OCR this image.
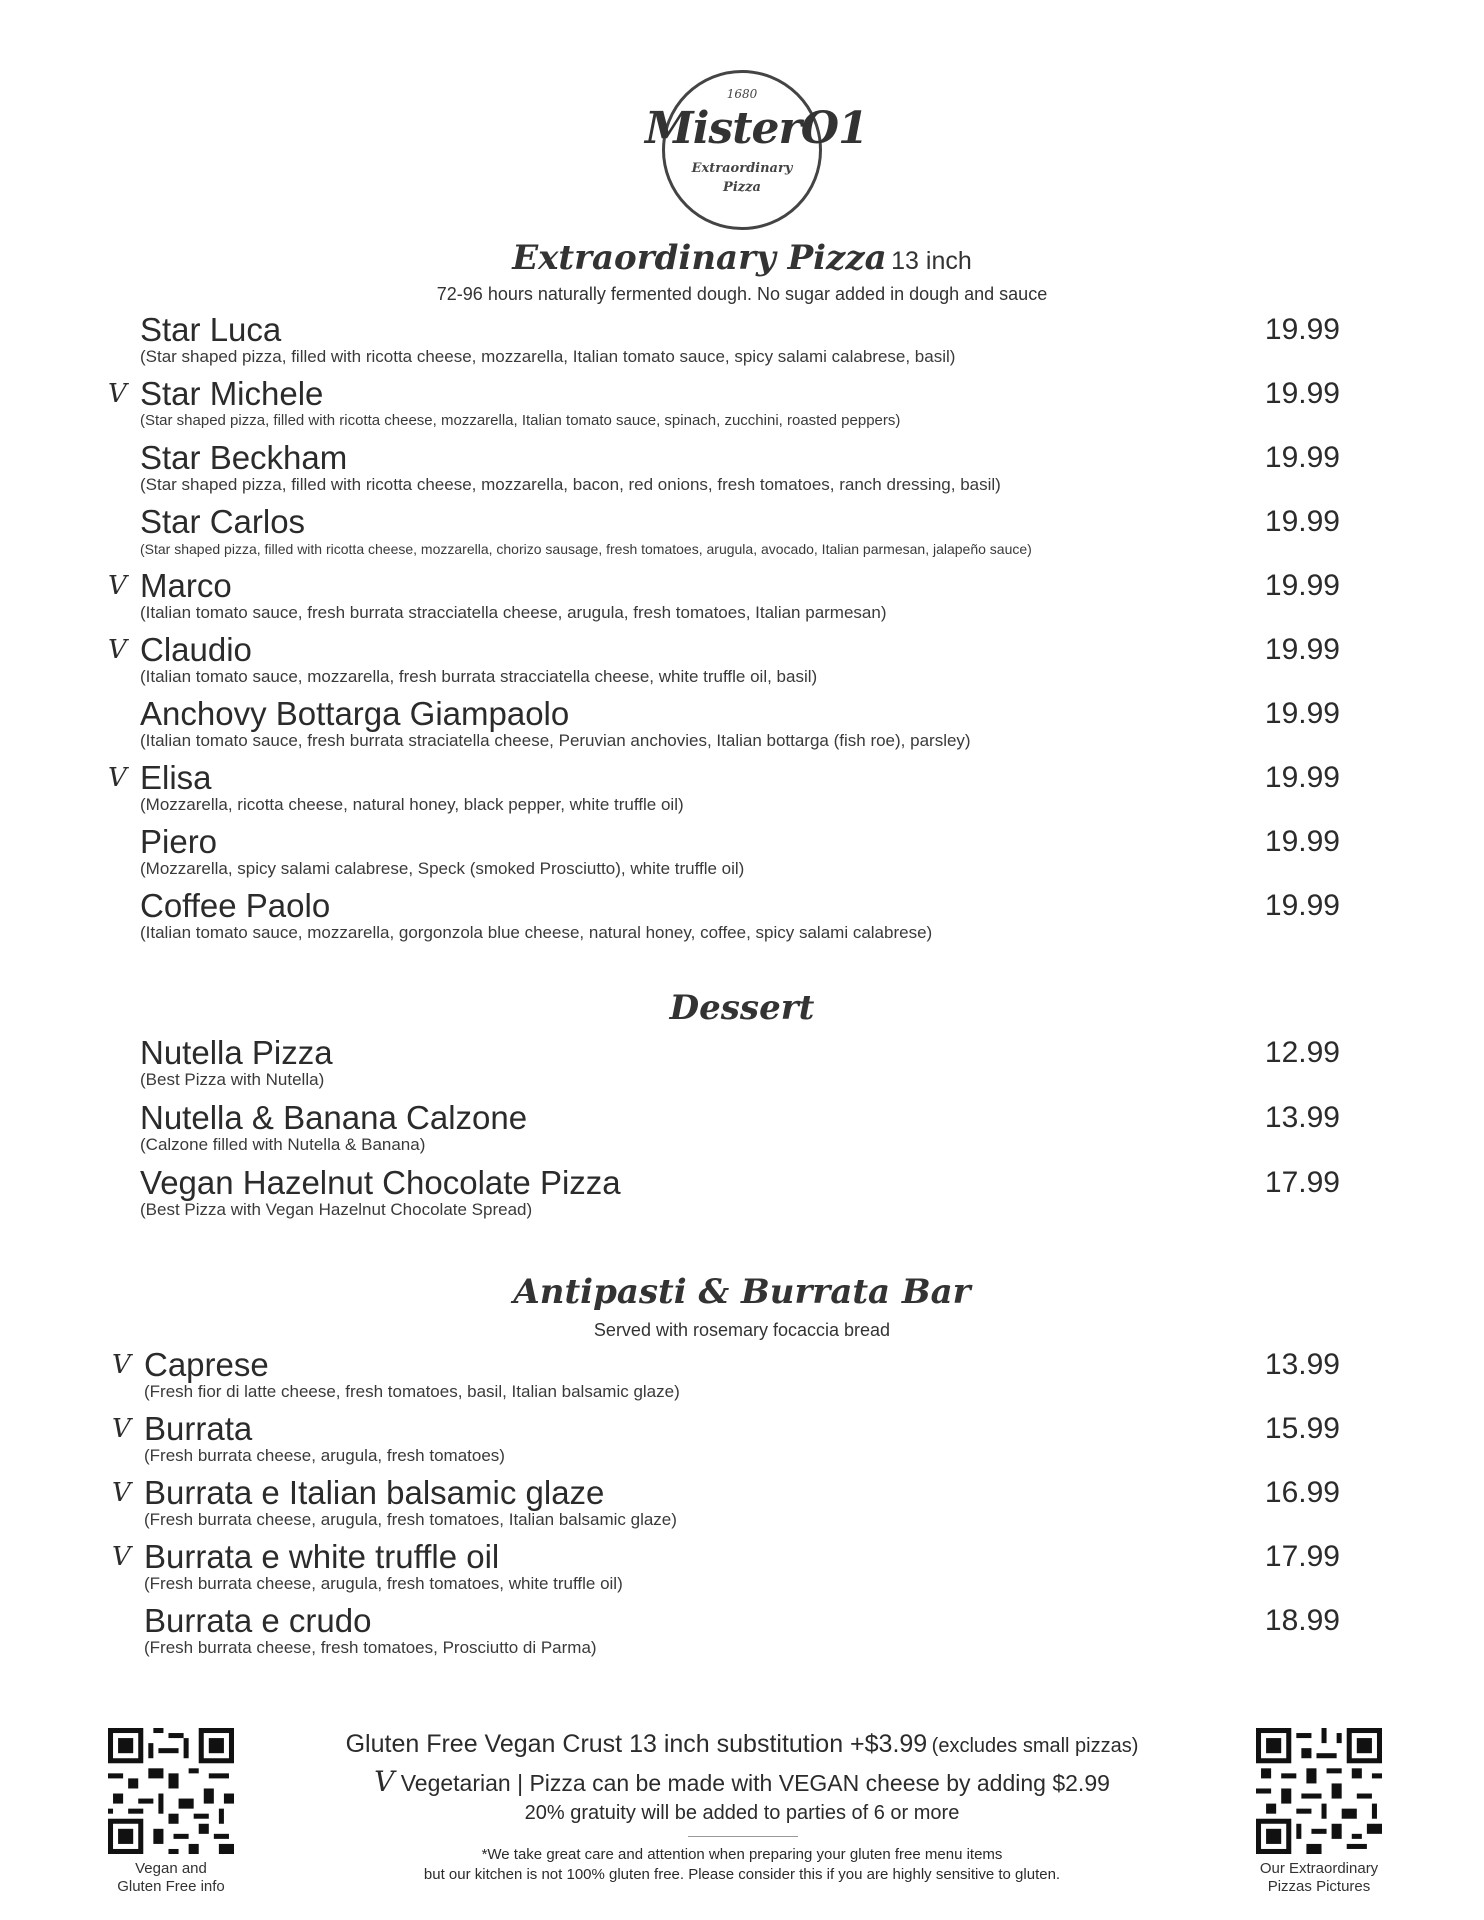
1680
MisterO1
Extraordinary
Pizza
Extraordinary Pizza 13 inch
72-96 hours naturally fermented dough. No sugar added in dough and sauce
Star Luca
(Star shaped pizza, filled with ricotta cheese, mozzarella, Italian tomato sauce, spicy salami calabrese, basil)
19.99
V Star Michele
(Star shaped pizza, filled with ricotta cheese, mozzarella, Italian tomato sauce, spinach, zucchini, roasted peppers)
19.99
Star Beckham
(Star shaped pizza, filled with ricotta cheese, mozzarella, bacon, red onions, fresh tomatoes, ranch dressing, basil)
19.99
Star Carlos
(Star shaped pizza, filled with ricotta cheese, mozzarella, chorizo sausage, fresh tomatoes, arugula, avocado, Italian parmesan, jalapeño sauce)
19.99
V Marco
(Italian tomato sauce, fresh burrata stracciatella cheese, arugula, fresh tomatoes, Italian parmesan)
19.99
V Claudio
(Italian tomato sauce, mozzarella, fresh burrata stracciatella cheese, white truffle oil, basil)
19.99
Anchovy Bottarga Giampaolo
(Italian tomato sauce, fresh burrata straciatella cheese, Peruvian anchovies, Italian bottarga (fish roe), parsley)
19.99
V Elisa
(Mozzarella, ricotta cheese, natural honey, black pepper, white truffle oil)
19.99
Piero
(Mozzarella, spicy salami calabrese, Speck (smoked Prosciutto), white truffle oil)
19.99
Coffee Paolo
(Italian tomato sauce, mozzarella, gorgonzola blue cheese, natural honey, coffee, spicy salami calabrese)
19.99
Dessert
Nutella Pizza
(Best Pizza with Nutella)
12.99
Nutella & Banana Calzone
(Calzone filled with Nutella & Banana)
13.99
Vegan Hazelnut Chocolate Pizza
(Best Pizza with Vegan Hazelnut Chocolate Spread)
17.99
Antipasti & Burrata Bar
Served with rosemary focaccia bread
V Caprese
(Fresh fior di latte cheese, fresh tomatoes, basil, Italian balsamic glaze)
13.99
V Burrata
(Fresh burrata cheese, arugula, fresh tomatoes)
15.99
V Burrata e Italian balsamic glaze
(Fresh burrata cheese, arugula, fresh tomatoes, Italian balsamic glaze)
16.99
V Burrata e white truffle oil
(Fresh burrata cheese, arugula, fresh tomatoes, white truffle oil)
17.99
Burrata e crudo
(Fresh burrata cheese, fresh tomatoes, Prosciutto di Parma)
18.99
Vegan and
Gluten Free info
Our Extraordinary
Pizzas Pictures
Gluten Free Vegan Crust 13 inch substitution +$3.99 (excludes small pizzas)
V Vegetarian | Pizza can be made with VEGAN cheese by adding $2.99
20% gratuity will be added to parties of 6 or more
*We take great care and attention when preparing your gluten free menu items
but our kitchen is not 100% gluten free. Please consider this if you are highly sensitive to gluten.
